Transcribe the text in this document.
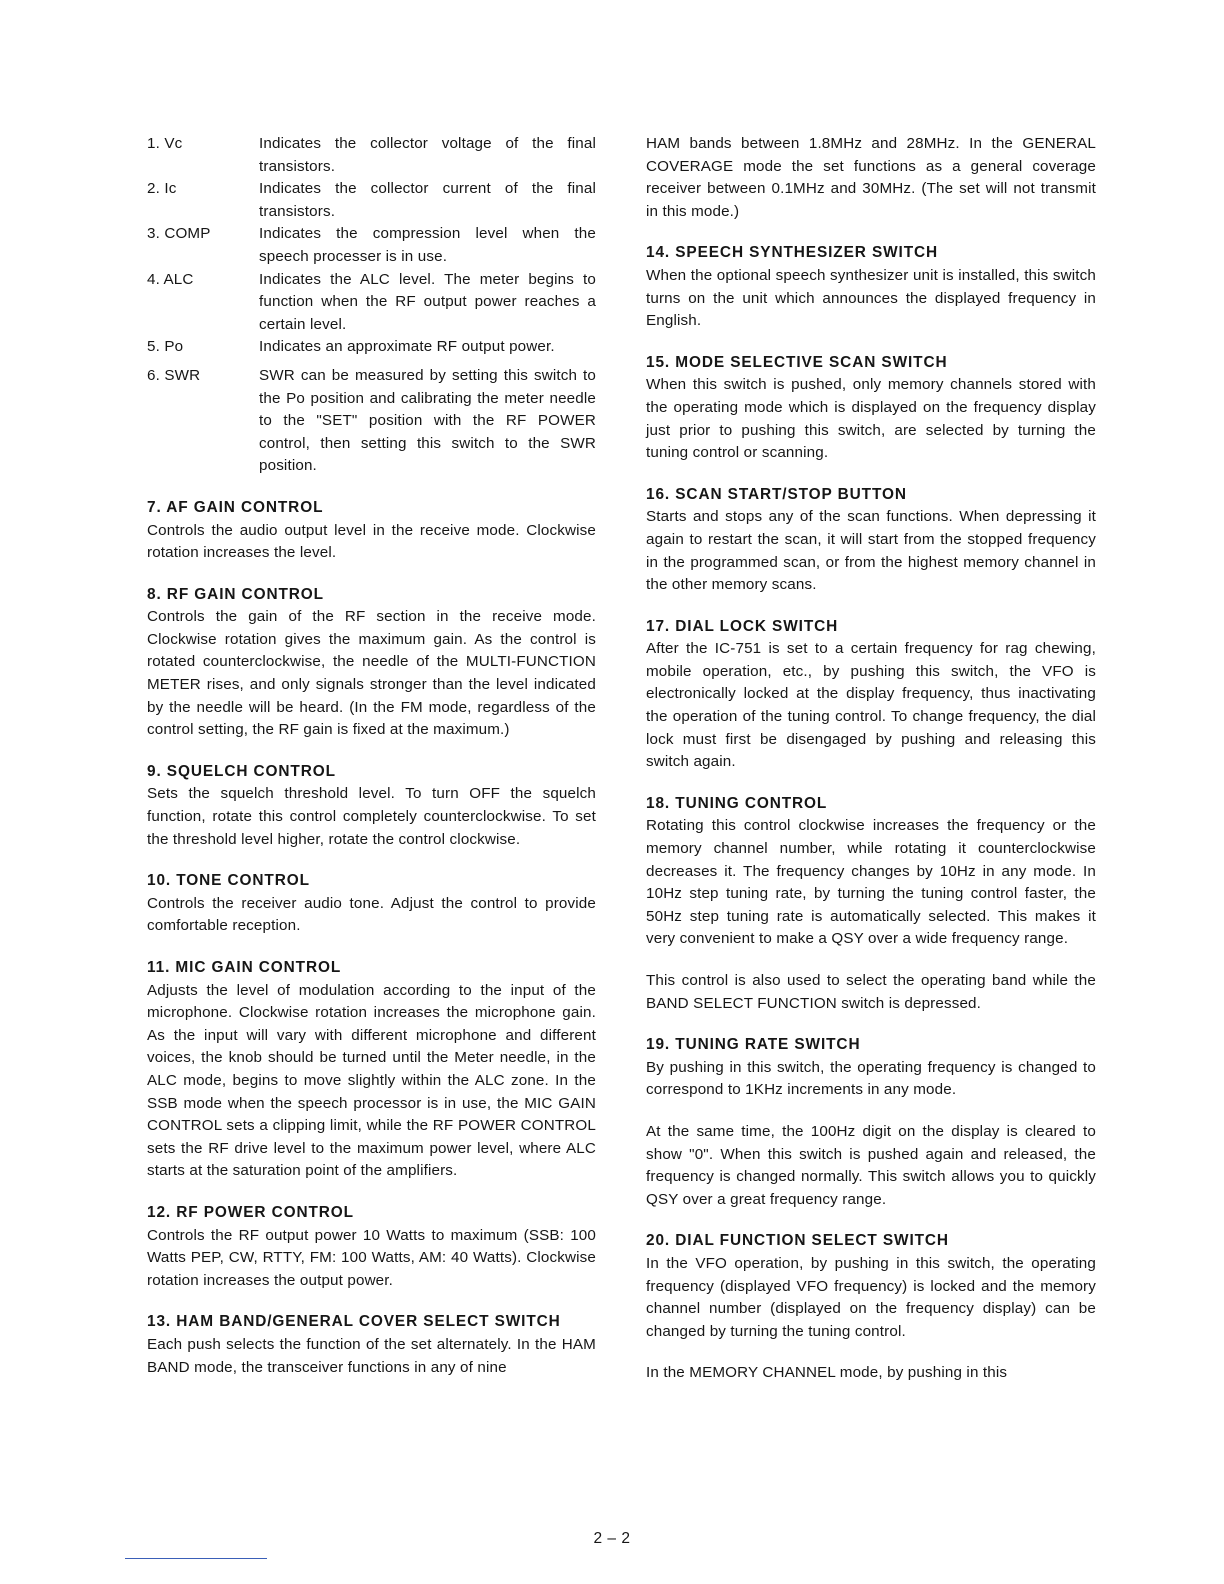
1. Vc	Indicates the collector voltage of the final transistors.
2. Ic	Indicates the collector current of the final transistors.
3. COMP	Indicates the compression level when the speech processer is in use.
4. ALC	Indicates the ALC level. The meter begins to function when the RF output power reaches a certain level.
5. Po	Indicates an approximate RF output power.
6. SWR	SWR can be measured by setting this switch to the Po position and calibrating the meter needle to the "SET" position with the RF POWER control, then setting this switch to the SWR position.
7. AF GAIN CONTROL

Controls the audio output level in the receive mode. Clockwise rotation increases the level.

8. RF GAIN CONTROL

Controls the gain of the RF section in the receive mode. Clockwise rotation gives the maximum gain. As the control is rotated counterclockwise, the needle of the MULTI-FUNCTION METER rises, and only signals stronger than the level indicated by the needle will be heard. (In the FM mode, regardless of the control setting, the RF gain is fixed at the maximum.)

9. SQUELCH CONTROL

Sets the squelch threshold level. To turn OFF the squelch function, rotate this control completely counterclockwise. To set the threshold level higher, rotate the control clockwise.

10. TONE CONTROL

Controls the receiver audio tone. Adjust the control to provide comfortable reception.

11. MIC GAIN CONTROL

Adjusts the level of modulation according to the input of the microphone. Clockwise rotation increases the microphone gain. As the input will vary with different microphone and different voices, the knob should be turned until the Meter needle, in the ALC mode, begins to move slightly within the ALC zone. In the SSB mode when the speech processor is in use, the MIC GAIN CONTROL sets a clipping limit, while the RF POWER CONTROL sets the RF drive level to the maximum power level, where ALC starts at the saturation point of the amplifiers.

12. RF POWER CONTROL

Controls the RF output power 10 Watts to maximum (SSB: 100 Watts PEP, CW, RTTY, FM: 100 Watts, AM: 40 Watts). Clockwise rotation increases the output power.

13. HAM BAND/GENERAL COVER SELECT SWITCH

Each push selects the function of the set alternately. In the HAM BAND mode, the transceiver functions in any of nine

HAM bands between 1.8MHz and 28MHz. In the GENERAL COVERAGE mode the set functions as a general coverage receiver between 0.1MHz and 30MHz. (The set will not transmit in this mode.)

14. SPEECH SYNTHESIZER SWITCH

When the optional speech synthesizer unit is installed, this switch turns on the unit which announces the displayed frequency in English.

15. MODE SELECTIVE SCAN SWITCH

When this switch is pushed, only memory channels stored with the operating mode which is displayed on the frequency display just prior to pushing this switch, are selected by turning the tuning control or scanning.

16. SCAN START/STOP BUTTON

Starts and stops any of the scan functions. When depressing it again to restart the scan, it will start from the stopped frequency in the programmed scan, or from the highest memory channel in the other memory scans.

17. DIAL LOCK SWITCH

After the IC-751 is set to a certain frequency for rag chewing, mobile operation, etc., by pushing this switch, the VFO is electronically locked at the display frequency, thus inactivating the operation of the tuning control. To change frequency, the dial lock must first be disengaged by pushing and releasing this switch again.

18. TUNING CONTROL

Rotating this control clockwise increases the frequency or the memory channel number, while rotating it counterclockwise decreases it. The frequency changes by 10Hz in any mode. In 10Hz step tuning rate, by turning the tuning control faster, the 50Hz step tuning rate is automatically selected. This makes it very convenient to make a QSY over a wide frequency range.

This control is also used to select the operating band while the BAND SELECT FUNCTION switch is depressed.

19. TUNING RATE SWITCH

By pushing in this switch, the operating frequency is changed to correspond to 1KHz increments in any mode.

At the same time, the 100Hz digit on the display is cleared to show "0". When this switch is pushed again and released, the frequency is changed normally. This switch allows you to quickly QSY over a great frequency range.

20. DIAL FUNCTION SELECT SWITCH

In the VFO operation, by pushing in this switch, the operating frequency (displayed VFO frequency) is locked and the memory channel number (displayed on the frequency display) can be changed by turning the tuning control.

In the MEMORY CHANNEL mode, by pushing in this

2 – 2
